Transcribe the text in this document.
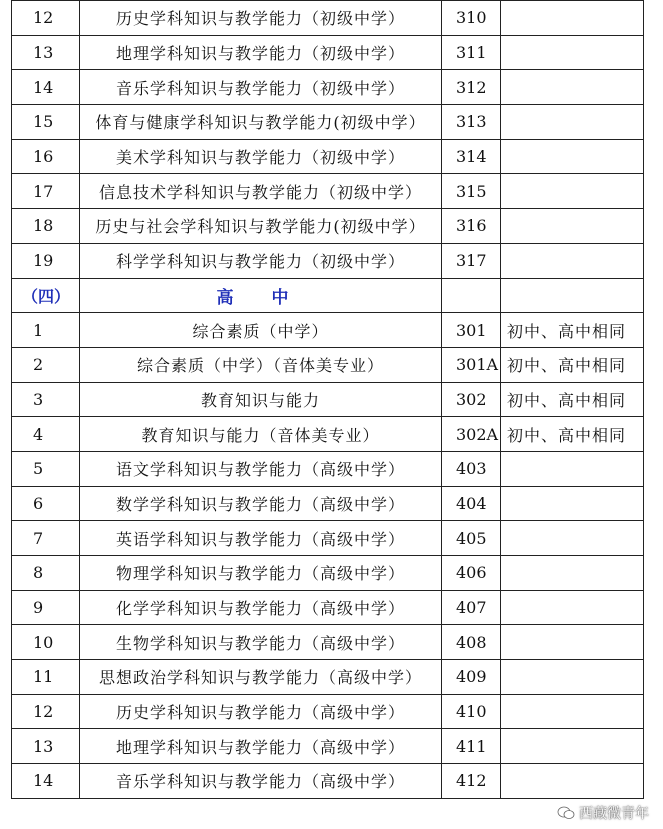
12	历史学科知识与教学能力（初级中学）	310	
13	地理学科知识与教学能力（初级中学）	311	
14	音乐学科知识与教学能力（初级中学）	312	
15	体育与健康学科知识与教学能力(初级中学）	313	
16	美术学科知识与教学能力（初级中学）	314	
17	信息技术学科知识与教学能力（初级中学）	315	
18	历史与社会学科知识与教学能力(初级中学）	316	
19	科学学科知识与教学能力（初级中学）	317	
（四）	高 中		
1	综合素质（中学）	301	初中、高中相同
2	综合素质（中学）（音体美专业）	301A	初中、高中相同
3	教育知识与能力	302	初中、高中相同
4	教育知识与能力（音体美专业）	302A	初中、高中相同
5	语文学科知识与教学能力（高级中学）	403	
6	数学学科知识与教学能力（高级中学）	404	
7	英语学科知识与教学能力（高级中学）	405	
8	物理学科知识与教学能力（高级中学）	406	
9	化学学科知识与教学能力（高级中学）	407	
10	生物学科知识与教学能力（高级中学）	408	
11	思想政治学科知识与教学能力（高级中学）	409	
12	历史学科知识与教学能力（高级中学）	410	
13	地理学科知识与教学能力（高级中学）	411	
14	音乐学科知识与教学能力（高级中学）	412	
西藏微青年
